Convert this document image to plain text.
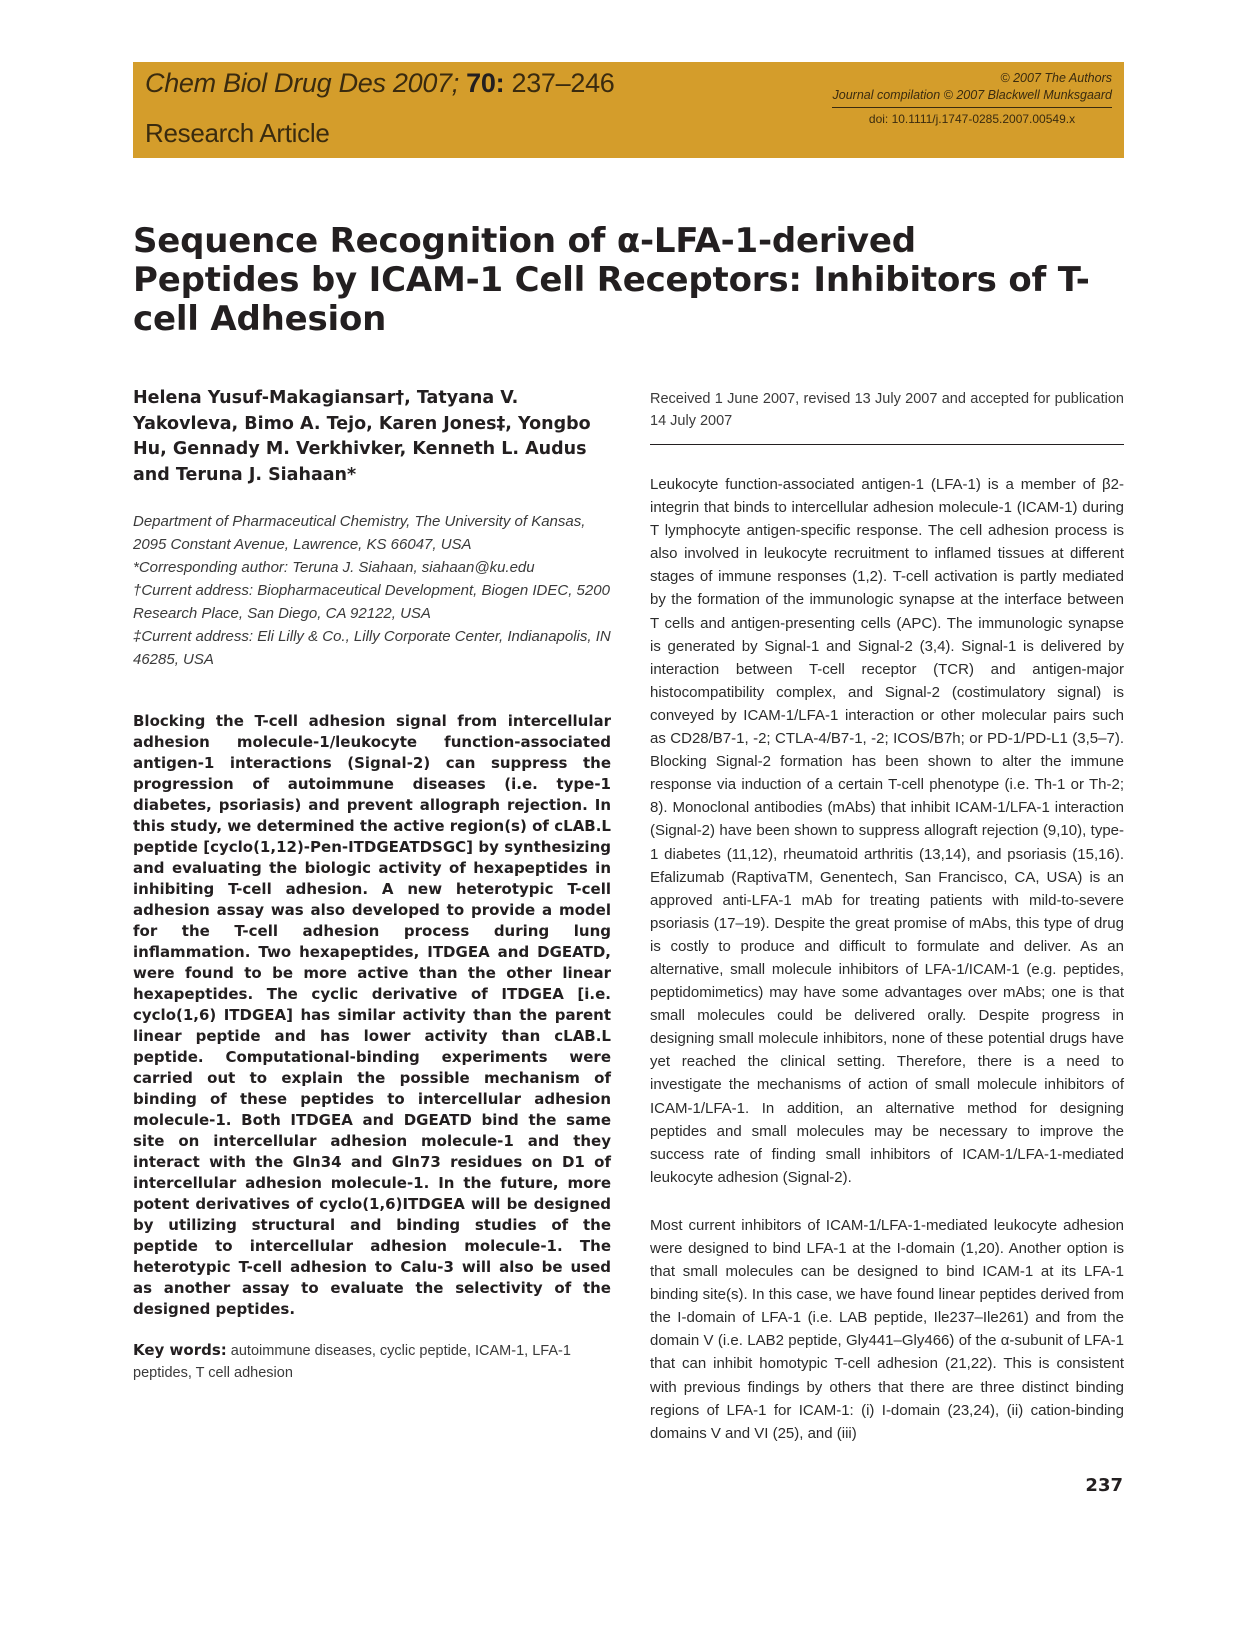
Chem Biol Drug Des 2007; 70: 237–246
Research Article
© 2007 The Authors
Journal compilation © 2007 Blackwell Munksgaard
doi: 10.1111/j.1747-0285.2007.00549.x
Sequence Recognition of α-LFA-1-derived Peptides by ICAM-1 Cell Receptors: Inhibitors of T-cell Adhesion

Helena Yusuf-Makagiansar†, Tatyana V. Yakovleva, Bimo A. Tejo, Karen Jones‡, Yongbo Hu, Gennady M. Verkhivker, Kenneth L. Audus and Teruna J. Siahaan*

Department of Pharmaceutical Chemistry, The University of Kansas, 2095 Constant Avenue, Lawrence, KS 66047, USA

*Corresponding author: Teruna J. Siahaan, siahaan@ku.edu

†Current address: Biopharmaceutical Development, Biogen IDEC, 5200 Research Place, San Diego, CA 92122, USA

‡Current address: Eli Lilly & Co., Lilly Corporate Center, Indianapolis, IN 46285, USA

Blocking the T-cell adhesion signal from intercellular adhesion molecule-1/leukocyte function-associated antigen-1 interactions (Signal-2) can suppress the progression of autoimmune diseases (i.e. type-1 diabetes, psoriasis) and prevent allograph rejection. In this study, we determined the active region(s) of cLAB.L peptide [cyclo(1,12)-Pen-ITDGEATDSGC] by synthesizing and evaluating the biologic activity of hexapeptides in inhibiting T-cell adhesion. A new heterotypic T-cell adhesion assay was also developed to provide a model for the T-cell adhesion process during lung inflammation. Two hexapeptides, ITDGEA and DGEATD, were found to be more active than the other linear hexapeptides. The cyclic derivative of ITDGEA [i.e. cyclo(1,6) ITDGEA] has similar activity than the parent linear peptide and has lower activity than cLAB.L peptide. Computational-binding experiments were carried out to explain the possible mechanism of binding of these peptides to intercellular adhesion molecule-1. Both ITDGEA and DGEATD bind the same site on intercellular adhesion molecule-1 and they interact with the Gln34 and Gln73 residues on D1 of intercellular adhesion molecule-1. In the future, more potent derivatives of cyclo(1,6)ITDGEA will be designed by utilizing structural and binding studies of the peptide to intercellular adhesion molecule-1. The heterotypic T-cell adhesion to Calu-3 will also be used as another assay to evaluate the selectivity of the designed peptides.

Key words: autoimmune diseases, cyclic peptide, ICAM-1, LFA-1 peptides, T cell adhesion

Received 1 June 2007, revised 13 July 2007 and accepted for publication 14 July 2007

Leukocyte function-associated antigen-1 (LFA-1) is a member of β2-integrin that binds to intercellular adhesion molecule-1 (ICAM-1) during T lymphocyte antigen-specific response. The cell adhesion process is also involved in leukocyte recruitment to inflamed tissues at different stages of immune responses (1,2). T-cell activation is partly mediated by the formation of the immunologic synapse at the interface between T cells and antigen-presenting cells (APC). The immunologic synapse is generated by Signal-1 and Signal-2 (3,4). Signal-1 is delivered by interaction between T-cell receptor (TCR) and antigen-major histocompatibility complex, and Signal-2 (costimulatory signal) is conveyed by ICAM-1/LFA-1 interaction or other molecular pairs such as CD28/B7-1, -2; CTLA-4/B7-1, -2; ICOS/B7h; or PD-1/PD-L1 (3,5–7). Blocking Signal-2 formation has been shown to alter the immune response via induction of a certain T-cell phenotype (i.e. Th-1 or Th-2; 8). Monoclonal antibodies (mAbs) that inhibit ICAM-1/LFA-1 interaction (Signal-2) have been shown to suppress allograft rejection (9,10), type-1 diabetes (11,12), rheumatoid arthritis (13,14), and psoriasis (15,16). Efalizumab (RaptivaTM, Genentech, San Francisco, CA, USA) is an approved anti-LFA-1 mAb for treating patients with mild-to-severe psoriasis (17–19). Despite the great promise of mAbs, this type of drug is costly to produce and difficult to formulate and deliver. As an alternative, small molecule inhibitors of LFA-1/ICAM-1 (e.g. peptides, peptidomimetics) may have some advantages over mAbs; one is that small molecules could be delivered orally. Despite progress in designing small molecule inhibitors, none of these potential drugs have yet reached the clinical setting. Therefore, there is a need to investigate the mechanisms of action of small molecule inhibitors of ICAM-1/LFA-1. In addition, an alternative method for designing peptides and small molecules may be necessary to improve the success rate of finding small inhibitors of ICAM-1/LFA-1-mediated leukocyte adhesion (Signal-2).

Most current inhibitors of ICAM-1/LFA-1-mediated leukocyte adhesion were designed to bind LFA-1 at the I-domain (1,20). Another option is that small molecules can be designed to bind ICAM-1 at its LFA-1 binding site(s). In this case, we have found linear peptides derived from the I-domain of LFA-1 (i.e. LAB peptide, Ile237–Ile261) and from the domain V (i.e. LAB2 peptide, Gly441–Gly466) of the α-subunit of LFA-1 that can inhibit homotypic T-cell adhesion (21,22). This is consistent with previous findings by others that there are three distinct binding regions of LFA-1 for ICAM-1: (i) I-domain (23,24), (ii) cation-binding domains V and VI (25), and (iii)

237
